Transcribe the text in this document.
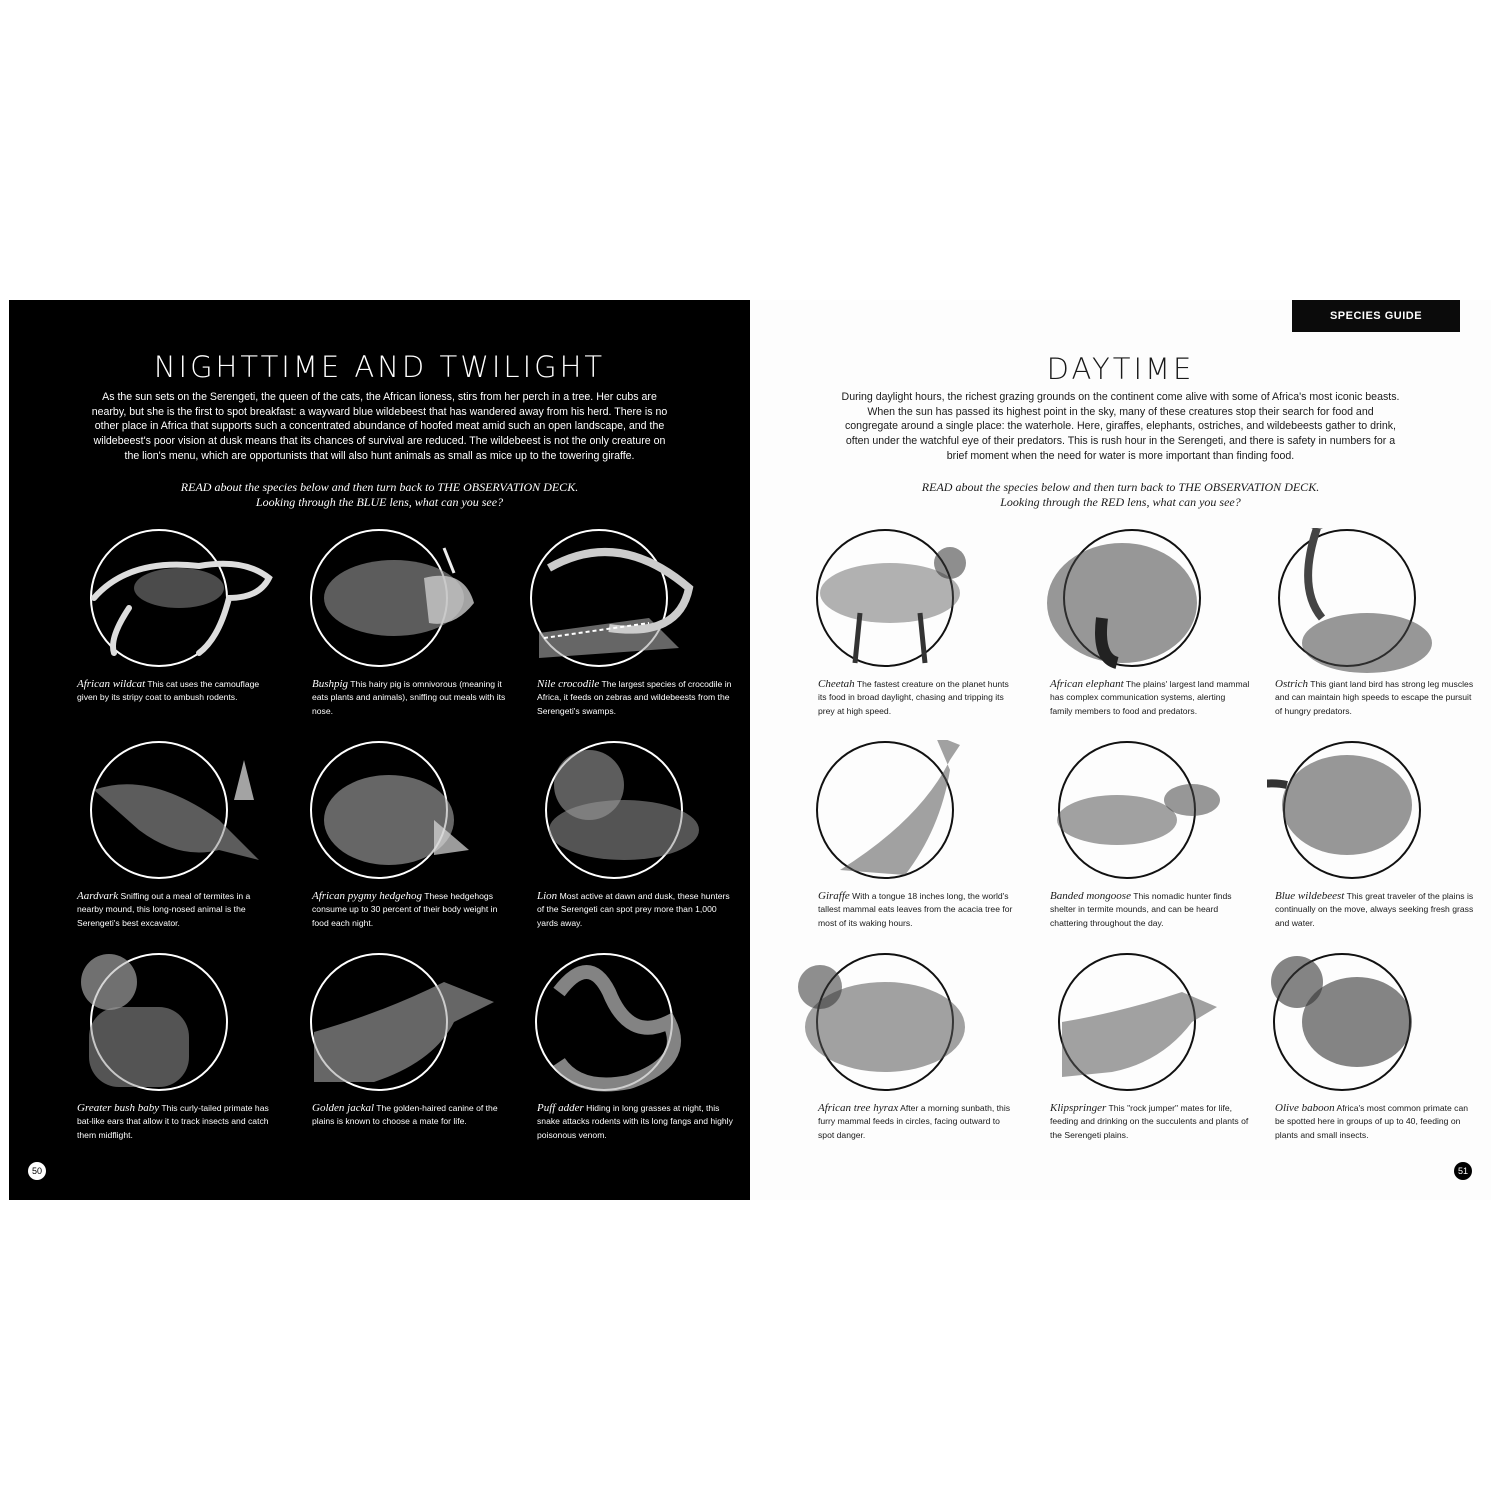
NIGHTTIME AND TWILIGHT
As the sun sets on the Serengeti, the queen of the cats, the African lioness, stirs from her perch in a tree. Her cubs are nearby, but she is the first to spot breakfast: a wayward blue wildebeest that has wandered away from his herd. There is no other place in Africa that supports such a concentrated abundance of hoofed meat amid such an open landscape, and the wildebeest's poor vision at dusk means that its chances of survival are reduced. The wildebeest is not the only creature on the lion's menu, which are opportunists that will also hunt animals as small as mice up to the towering giraffe.
READ about the species below and then turn back to THE OBSERVATION DECK.
Looking through the BLUE lens, what can you see?
African wildcat This cat uses the camouflage given by its stripy coat to ambush rodents.
Bushpig This hairy pig is omnivorous (meaning it eats plants and animals), sniffing out meals with its nose.
Nile crocodile The largest species of crocodile in Africa, it feeds on zebras and wildebeests from the Serengeti's swamps.
Aardvark Sniffing out a meal of termites in a nearby mound, this long-nosed animal is the Serengeti's best excavator.
African pygmy hedgehog These hedgehogs consume up to 30 percent of their body weight in food each night.
Lion Most active at dawn and dusk, these hunters of the Serengeti can spot prey more than 1,000 yards away.
Greater bush baby This curly-tailed primate has bat-like ears that allow it to track insects and catch them midflight.
Golden jackal The golden-haired canine of the plains is known to choose a mate for life.
Puff adder Hiding in long grasses at night, this snake attacks rodents with its long fangs and highly poisonous venom.
50
SPECIES GUIDE
DAYTIME
During daylight hours, the richest grazing grounds on the continent come alive with some of Africa's most iconic beasts. When the sun has passed its highest point in the sky, many of these creatures stop their search for food and congregate around a single place: the waterhole. Here, giraffes, elephants, ostriches, and wildebeests gather to drink, often under the watchful eye of their predators. This is rush hour in the Serengeti, and there is safety in numbers for a brief moment when the need for water is more important than finding food.
READ about the species below and then turn back to THE OBSERVATION DECK.
Looking through the RED lens, what can you see?
Cheetah The fastest creature on the planet hunts its food in broad daylight, chasing and tripping its prey at high speed.
African elephant The plains' largest land mammal has complex communication systems, alerting family members to food and predators.
Ostrich This giant land bird has strong leg muscles and can maintain high speeds to escape the pursuit of hungry predators.
Giraffe With a tongue 18 inches long, the world's tallest mammal eats leaves from the acacia tree for most of its waking hours.
Banded mongoose This nomadic hunter finds shelter in termite mounds, and can be heard chattering throughout the day.
Blue wildebeest This great traveler of the plains is continually on the move, always seeking fresh grass and water.
African tree hyrax After a morning sunbath, this furry mammal feeds in circles, facing outward to spot danger.
Klipspringer This "rock jumper" mates for life, feeding and drinking on the succulents and plants of the Serengeti plains.
Olive baboon Africa's most common primate can be spotted here in groups of up to 40, feeding on plants and small insects.
51
